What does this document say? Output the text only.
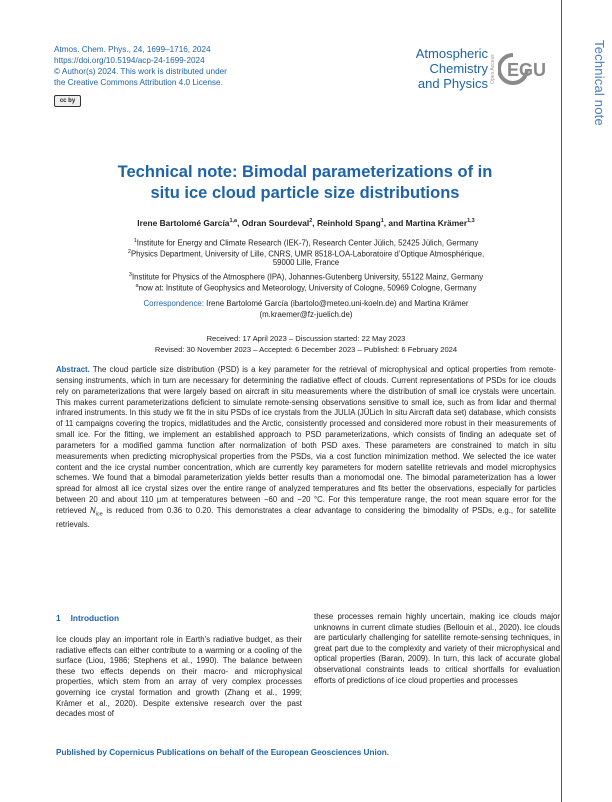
Technical note
Atmos. Chem. Phys., 24, 1699–1716, 2024
https://doi.org/10.5194/acp-24-1699-2024
© Author(s) 2024. This work is distributed under
the Creative Commons Attribution 4.0 License.
cc by
Atmospheric
Chemistry
and Physics Open Access EGU
Technical note: Bimodal parameterizations of in
situ ice cloud particle size distributions
Irene Bartolomé García$^{1,a}$, Odran Sourdeval$^2$, Reinhold Spang$^1$, and Martina Krämer$^{1,3}$
$^1$Institute for Energy and Climate Research (IEK-7), Research Center Jülich, 52425 Jülich, Germany
$^2$Physics Department, University of Lille, CNRS, UMR 8518-LOA-Laboratoire d’Optique Atmosphérique,
59000 Lille, France
$^3$Institute for Physics of the Atmosphere (IPA), Johannes-Gutenberg University, 55122 Mainz, Germany
$^a$now at: Institute of Geophysics and Meteorology, University of Cologne, 50969 Cologne, Germany
Correspondence: Irene Bartolomé García (ibartolo@meteo.uni-koeln.de) and Martina Krämer
(m.kraemer@fz-juelich.de)
Received: 17 April 2023 – Discussion started: 22 May 2023
Revised: 30 November 2023 – Accepted: 6 December 2023 – Published: 6 February 2024
Abstract. The cloud particle size distribution (PSD) is a key parameter for the retrieval of microphysical and optical properties from remote-sensing instruments, which in turn are necessary for determining the radiative effect of clouds. Current representations of PSDs for ice clouds rely on parameterizations that were largely based on aircraft in situ measurements where the distribution of small ice crystals were uncertain. This makes current parameterizations deficient to simulate remote-sensing observations sensitive to small ice, such as from lidar and thermal infrared instruments. In this study we fit the in situ PSDs of ice crystals from the JULIA (JÜLich In situ Aircraft data set) database, which consists of 11 campaigns covering the tropics, midlatitudes and the Arctic, consistently processed and considered more robust in their measurements of small ice. For the fitting, we implement an established approach to PSD parameterizations, which consists of finding an adequate set of parameters for a modified gamma function after normalization of both PSD axes. These parameters are constrained to match in situ measurements when predicting microphysical properties from the PSDs, via a cost function minimization method. We selected the ice water content and the ice crystal number concentration, which are currently key parameters for modern satellite retrievals and model microphysics schemes. We found that a bimodal parameterization yields better results than a monomodal one. The bimodal parameterization has a lower spread for almost all ice crystal sizes over the entire range of analyzed temperatures and fits better the observations, especially for particles between 20 and about 110 µm at temperatures between −60 and −20 °C. For this temperature range, the root mean square error for the retrieved $N_{ice}$ is reduced from 0.36 to 0.20. This demonstrates a clear advantage to considering the bimodality of PSDs, e.g., for satellite retrievals.
1 Introduction
Ice clouds play an important role in Earth’s radiative budget, as their radiative effects can either contribute to a warming or a cooling of the surface (Liou, 1986; Stephens et al., 1990). The balance between these two effects depends on their macro- and microphysical properties, which stem from an array of very complex processes governing ice crystal formation and growth (Zhang et al., 1999; Krämer et al., 2020). Despite extensive research over the past decades most of
these processes remain highly uncertain, making ice clouds major unknowns in current climate studies (Bellouin et al., 2020). Ice clouds are particularly challenging for satellite remote-sensing techniques, in great part due to the complexity and variety of their microphysical and optical properties (Baran, 2009). In turn, this lack of accurate global observational constraints leads to critical shortfalls for evaluation efforts of predictions of ice cloud properties and processes
Published by Copernicus Publications on behalf of the European Geosciences Union.
